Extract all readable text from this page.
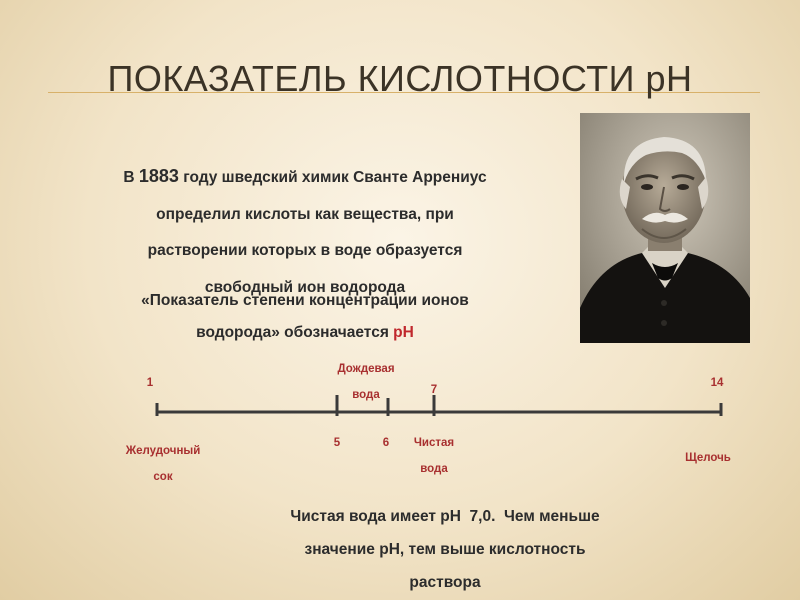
ПОКАЗАТЕЛЬ КИСЛОТНОСТИ рН
В 1883 году шведский химик Сванте Аррениус
определил кислоты как вещества, при
растворении которых в воде образуется
свободный ион водорода
«Показатель степени концентрации ионов
водорода» обозначается рН
1	14
Дождевая
вода	7
5	6	Чистая
вода
Желудочный
сок
Щелочь
Чистая вода имеет рН  7,0.  Чем меньше
значение рН, тем выше кислотность
раствора
